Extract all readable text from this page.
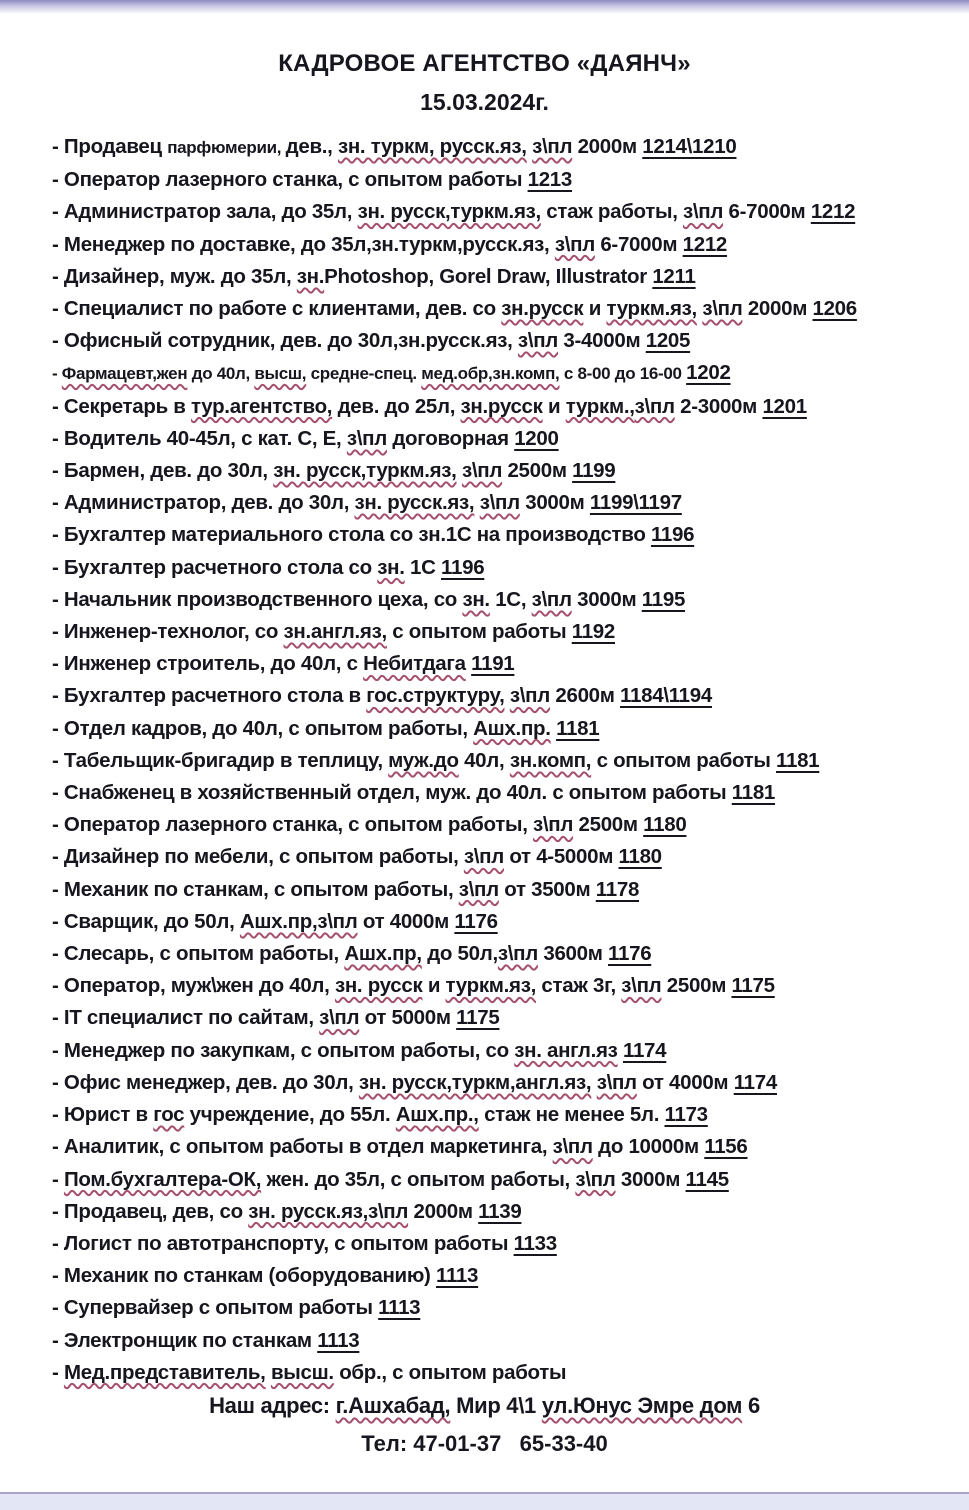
КАДРОВОЕ АГЕНТСТВО «ДАЯНЧ»
15.03.2024г.
- Продавец парфюмерии, дев., зн. туркм, русск.яз, з\пл 2000м 1214\1210
- Оператор лазерного станка, с опытом работы 1213
- Администратор зала, до 35л, зн. русск,туркм.яз, стаж работы, з\пл 6-7000м 1212
- Менеджер по доставке, до 35л,зн.туркм,русск.яз, з\пл 6-7000м 1212
- Дизайнер, муж. до 35л, зн.Photoshop, Gorel Draw, Illustrator 1211
- Специалист по работе с клиентами, дев. со зн.русск и туркм.яз, з\пл 2000м 1206
- Офисный сотрудник, дев. до 30л,зн.русск.яз, з\пл 3-4000м 1205
- Фармацевт,жен до 40л, высш, средне-спец. мед.обр,зн.комп, с 8-00 до 16-00 1202
- Секретарь в тур.агентство, дев. до 25л, зн.русск и туркм.,з\пл 2-3000м 1201
- Водитель 40-45л, с кат. С, Е, з\пл договорная 1200
- Бармен, дев. до 30л, зн. русск,туркм.яз, з\пл 2500м 1199
- Администратор, дев. до 30л, зн. русск.яз, з\пл 3000м 1199\1197
- Бухгалтер материального стола со зн.1С на производство 1196
- Бухгалтер расчетного стола со зн. 1С 1196
- Начальник производственного цеха, со зн. 1С, з\пл 3000м 1195
- Инженер-технолог, со зн.англ.яз, с опытом работы 1192
- Инженер строитель, до 40л, с Небитдага 1191
- Бухгалтер расчетного стола в гос.структуру, з\пл 2600м 1184\1194
- Отдел кадров, до 40л, с опытом работы, Ашх.пр. 1181
- Табельщик-бригадир в теплицу, муж.до 40л, зн.комп, с опытом работы 1181
- Снабженец в хозяйственный отдел, муж. до 40л. с опытом работы 1181
- Оператор лазерного станка, с опытом работы, з\пл 2500м 1180
- Дизайнер по мебели, с опытом работы, з\пл от 4-5000м 1180
- Механик по станкам, с опытом работы, з\пл от 3500м 1178
- Сварщик, до 50л, Ашх.пр,з\пл от 4000м 1176
- Слесарь, с опытом работы, Ашх.пр, до 50л,з\пл 3600м 1176
- Оператор, муж\жен до 40л, зн. русск и туркм.яз, стаж 3г, з\пл 2500м 1175
- IT специалист по сайтам, з\пл от 5000м 1175
- Менеджер по закупкам, с опытом работы, со зн. англ.яз 1174
- Офис менеджер, дев. до 30л, зн. русск,туркм,англ.яз, з\пл от 4000м 1174
- Юрист в гос учреждение, до 55л. Ашх.пр., стаж не менее 5л. 1173
- Аналитик, с опытом работы в отдел маркетинга, з\пл до 10000м 1156
- Пом.бухгалтера-ОК, жен. до 35л, с опытом работы, з\пл 3000м 1145
- Продавец, дев, со зн. русск.яз,з\пл 2000м 1139
- Логист по автотранспорту, с опытом работы 1133
- Механик по станкам (оборудованию) 1113
- Супервайзер с опытом работы 1113
- Электронщик по станкам 1113
- Мед.представитель, высш. обр., с опытом работы
Наш адрес: г.Ашхабад, Мир 4\1 ул.Юнус Эмре дом 6
Тел: 47-01-37   65-33-40
